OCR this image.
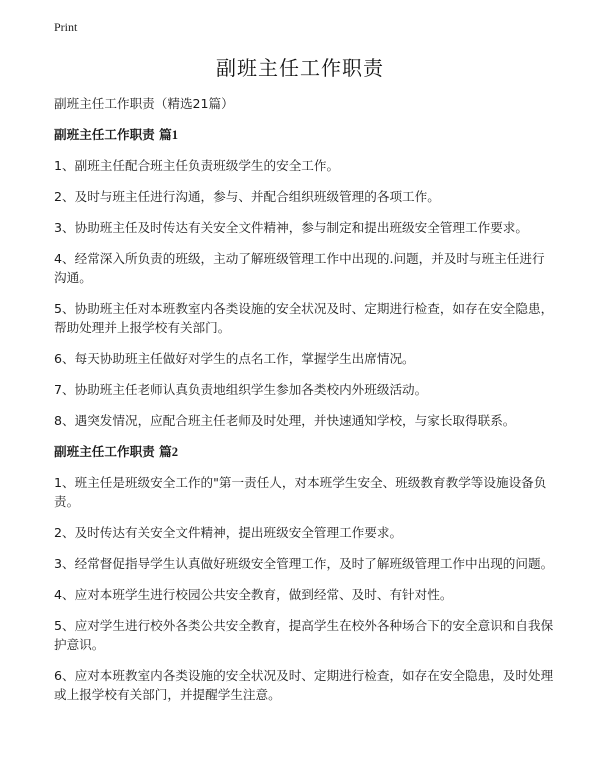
Print
副班主任工作职责

副班主任工作职责（精选21篇）

副班主任工作职责 篇1

1、副班主任配合班主任负责班级学生的安全工作。

2、及时与班主任进行沟通，参与、并配合组织班级管理的各项工作。

3、协助班主任及时传达有关安全文件精神，参与制定和提出班级安全管理工作要求。

4、经常深入所负责的班级，主动了解班级管理工作中出现的.问题，并及时与班主任进行沟通。

5、协助班主任对本班教室内各类设施的安全状况及时、定期进行检查，如存在安全隐患，帮助处理并上报学校有关部门。

6、每天协助班主任做好对学生的点名工作，掌握学生出席情况。

7、协助班主任老师认真负责地组织学生参加各类校内外班级活动。

8、遇突发情况，应配合班主任老师及时处理，并快速通知学校，与家长取得联系。

副班主任工作职责 篇2

1、班主任是班级安全工作的"第一责任人，对本班学生安全、班级教育教学等设施设备负责。

2、及时传达有关安全文件精神，提出班级安全管理工作要求。

3、经常督促指导学生认真做好班级安全管理工作，及时了解班级管理工作中出现的问题。

4、应对本班学生进行校园公共安全教育，做到经常、及时、有针对性。

5、应对学生进行校外各类公共安全教育，提高学生在校外各种场合下的安全意识和自我保护意识。

6、应对本班教室内各类设施的安全状况及时、定期进行检查，如存在安全隐患，及时处理或上报学校有关部门，并提醒学生注意。
